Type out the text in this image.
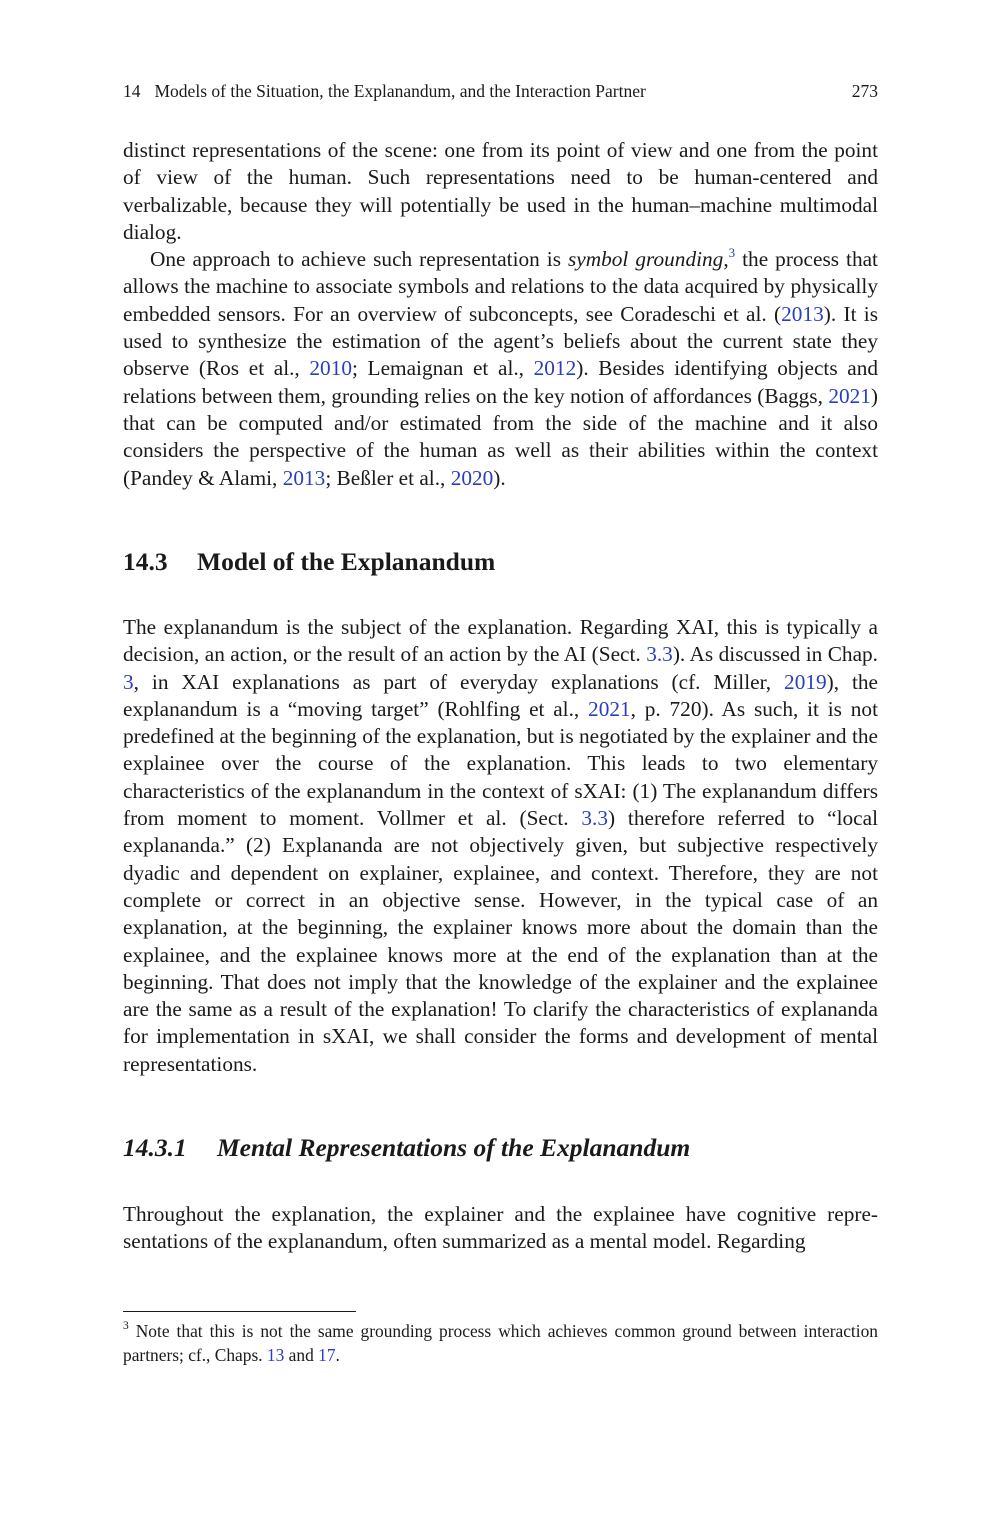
14 Models of the Situation, the Explanandum, and the Interaction Partner	273

distinct representations of the scene: one from its point of view and one from the point of view of the human. Such representations need to be human-centered and verbalizable, because they will potentially be used in the human–machine multimodal dialog.

One approach to achieve such representation is symbol grounding,$^3$ the process that allows the machine to associate symbols and relations to the data acquired by physically embedded sensors. For an overview of subconcepts, see Coradeschi et al. (2013). It is used to synthesize the estimation of the agent’s beliefs about the current state they observe (Ros et al., 2010; Lemaignan et al., 2012). Besides identifying objects and relations between them, grounding relies on the key notion of affordances (Baggs, 2021) that can be computed and/or estimated from the side of the machine and it also considers the perspective of the human as well as their abilities within the context (Pandey & Alami, 2013; Beßler et al., 2020).

14.3 Model of the Explanandum

The explanandum is the subject of the explanation. Regarding XAI, this is typically a decision, an action, or the result of an action by the AI (Sect. 3.3). As discussed in Chap. 3, in XAI explanations as part of everyday explanations (cf. Miller, 2019), the explanandum is a “moving target” (Rohlfing et al., 2021, p. 720). As such, it is not predefined at the beginning of the explanation, but is negotiated by the explainer and the explainee over the course of the explanation. This leads to two elementary characteristics of the explanandum in the context of sXAI: (1) The explanandum differs from moment to moment. Vollmer et al. (Sect. 3.3) therefore referred to “local explananda.” (2) Explananda are not objectively given, but subjective respectively dyadic and dependent on explainer, explainee, and context. Therefore, they are not complete or correct in an objective sense. However, in the typical case of an explanation, at the beginning, the explainer knows more about the domain than the explainee, and the explainee knows more at the end of the explanation than at the beginning. That does not imply that the knowledge of the explainer and the explainee are the same as a result of the explanation! To clarify the characteristics of explananda for implementation in sXAI, we shall consider the forms and development of mental representations.

14.3.1 Mental Representations of the Explanandum

Throughout the explanation, the explainer and the explainee have cognitive repre-sentations of the explanandum, often summarized as a mental model. Regarding

$^3$ Note that this is not the same grounding process which achieves common ground between interaction partners; cf., Chaps. 13 and 17.
